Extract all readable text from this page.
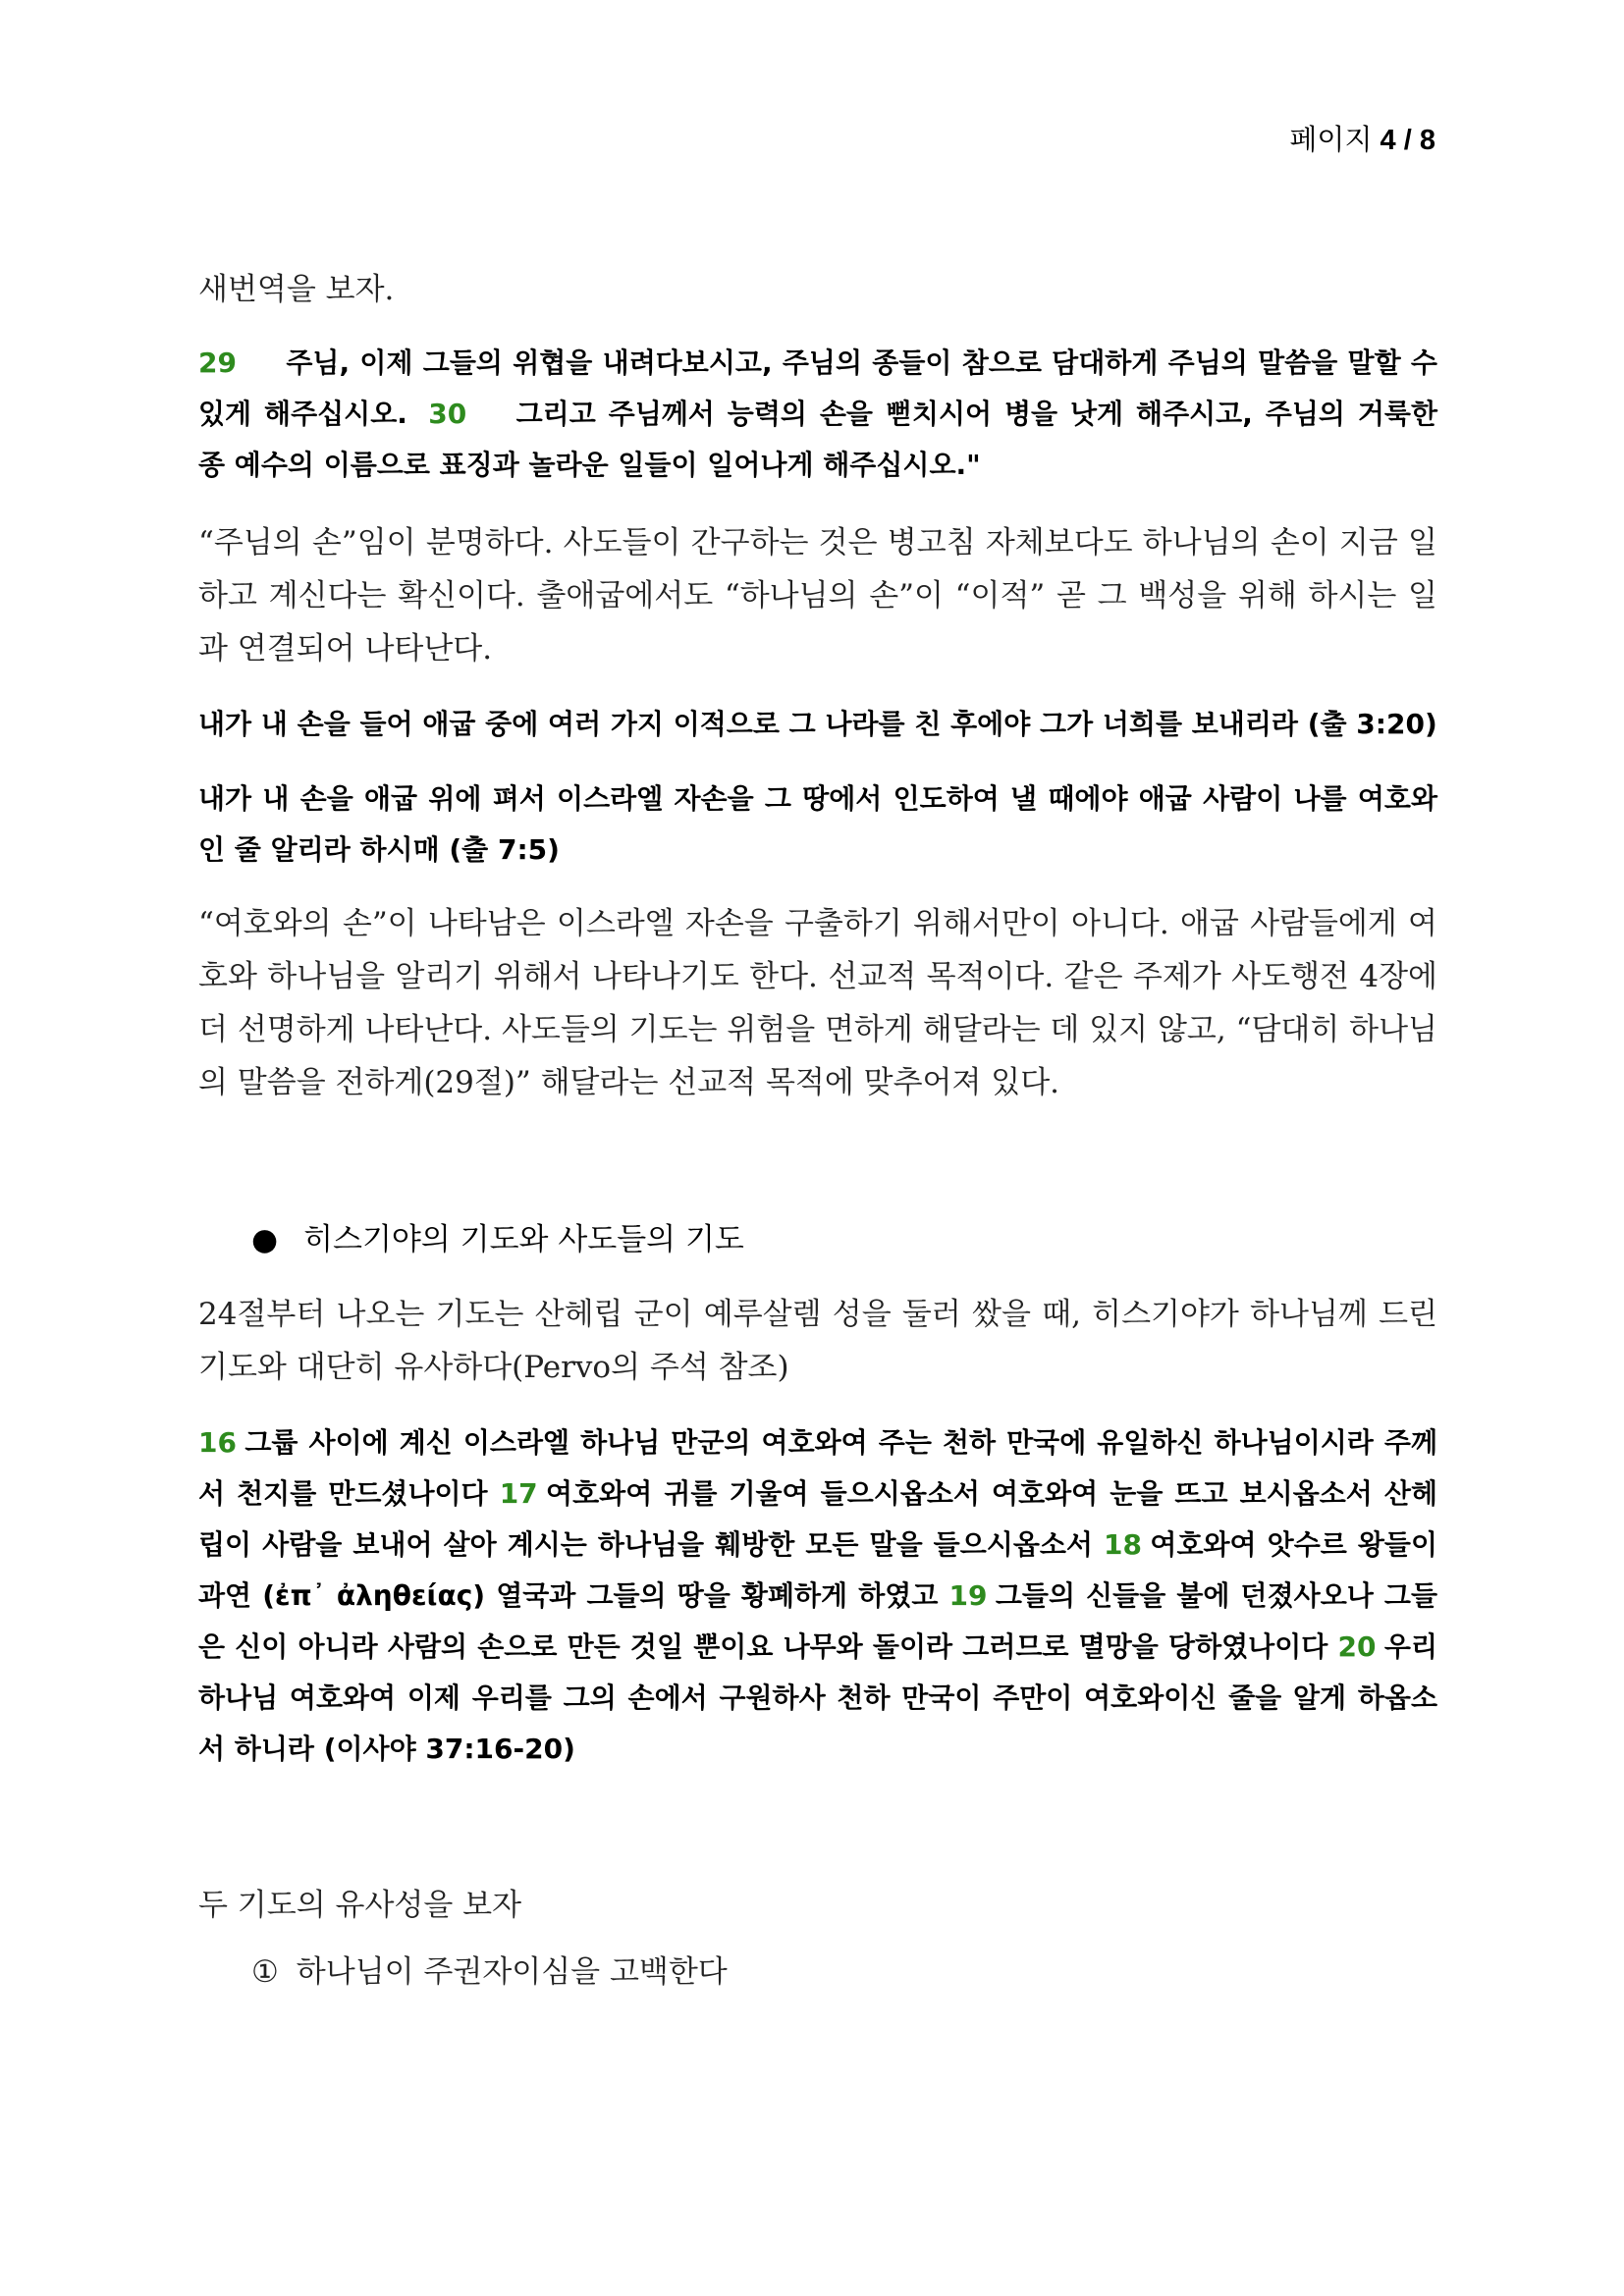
페이지 4 / 8

새번역을 보자.

29 주님, 이제 그들의 위협을 내려다보시고, 주님의 종들이 참으로 담대하게 주님의 말씀을 말할 수 있게 해주십시오. 30 그리고 주님께서 능력의 손을 뻗치시어 병을 낫게 해주시고, 주님의 거룩한 종 예수의 이름으로 표징과 놀라운 일들이 일어나게 해주십시오."

“주님의 손”임이 분명하다. 사도들이 간구하는 것은 병고침 자체보다도 하나님의 손이 지금 일하고 계신다는 확신이다. 출애굽에서도 “하나님의 손”이 “이적” 곧 그 백성을 위해 하시는 일과 연결되어 나타난다.

내가 내 손을 들어 애굽 중에 여러 가지 이적으로 그 나라를 친 후에야 그가 너희를 보내리라 (출 3:20)

내가 내 손을 애굽 위에 펴서 이스라엘 자손을 그 땅에서 인도하여 낼 때에야 애굽 사람이 나를 여호와인 줄 알리라 하시매 (출 7:5)

“여호와의 손”이 나타남은 이스라엘 자손을 구출하기 위해서만이 아니다. 애굽 사람들에게 여호와 하나님을 알리기 위해서 나타나기도 한다. 선교적 목적이다. 같은 주제가 사도행전 4장에 더 선명하게 나타난다. 사도들의 기도는 위험을 면하게 해달라는 데 있지 않고, “담대히 하나님의 말씀을 전하게(29절)” 해달라는 선교적 목적에 맞추어져 있다.

● 히스기야의 기도와 사도들의 기도

24절부터 나오는 기도는 산헤립 군이 예루살렘 성을 둘러 쌌을 때, 히스기야가 하나님께 드린 기도와 대단히 유사하다(Pervo의 주석 참조)

16 그룹 사이에 계신 이스라엘 하나님 만군의 여호와여 주는 천하 만국에 유일하신 하나님이시라 주께서 천지를 만드셨나이다 17 여호와여 귀를 기울여 들으시옵소서 여호와여 눈을 뜨고 보시옵소서 산헤립이 사람을 보내어 살아 계시는 하나님을 훼방한 모든 말을 들으시옵소서 18 여호와여 앗수르 왕들이 과연 (ἐπ᾽ ἀληθείας) 열국과 그들의 땅을 황폐하게 하였고 19 그들의 신들을 불에 던졌사오나 그들은 신이 아니라 사람의 손으로 만든 것일 뿐이요 나무와 돌이라 그러므로 멸망을 당하였나이다 20 우리 하나님 여호와여 이제 우리를 그의 손에서 구원하사 천하 만국이 주만이 여호와이신 줄을 알게 하옵소서 하니라 (이사야 37:16-20)

두 기도의 유사성을 보자

① 하나님이 주권자이심을 고백한다
